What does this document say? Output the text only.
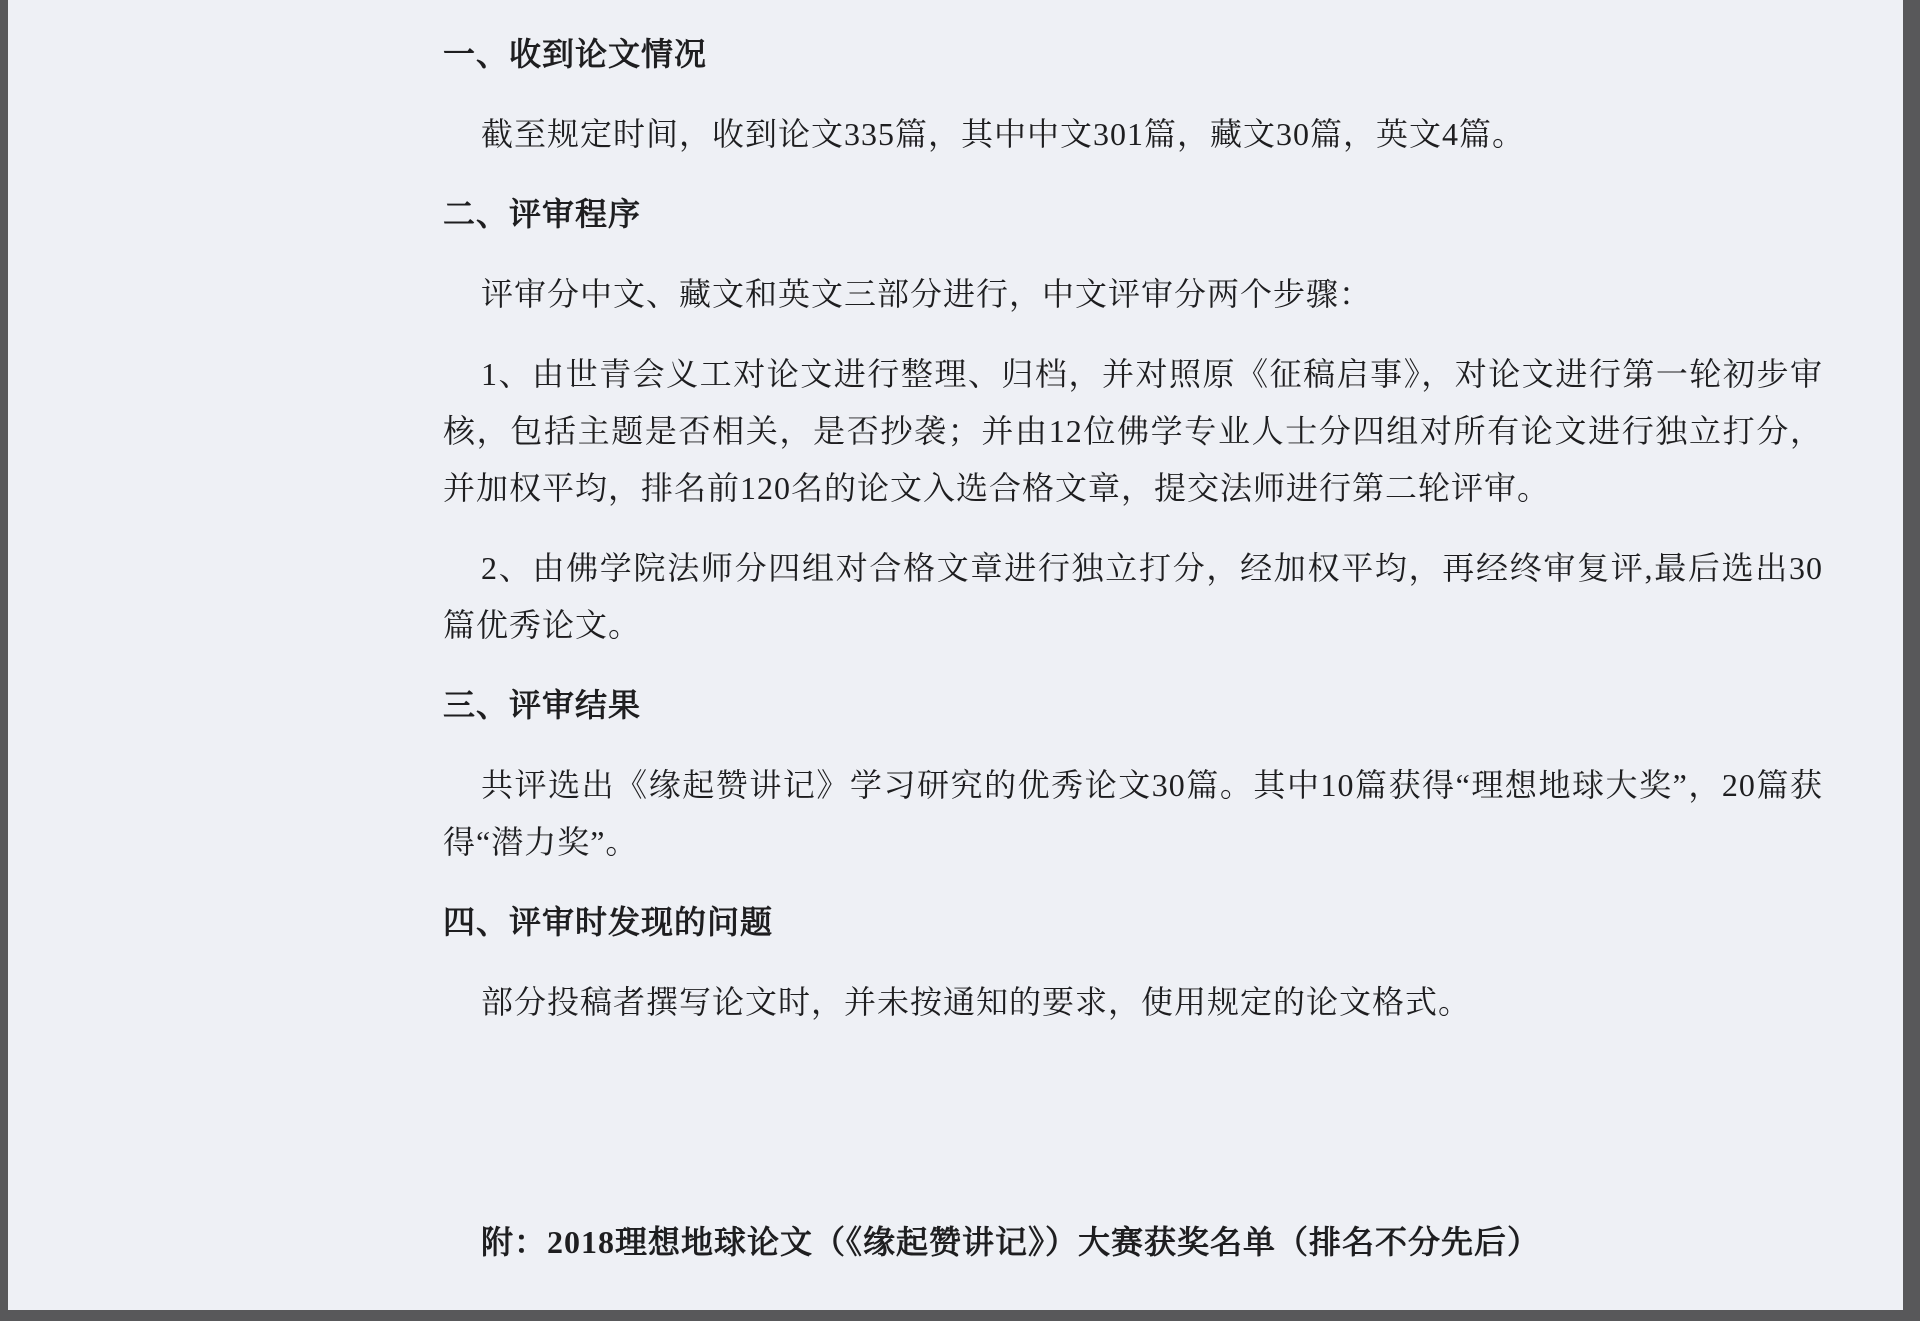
一、收到论文情况
截至规定时间，收到论文335篇，其中中文301篇，藏文30篇，英文4篇。
二、评审程序
评审分中文、藏文和英文三部分进行，中文评审分两个步骤：
1、由世青会义工对论文进行整理、归档，并对照原《征稿启事》，对论文进行第一轮初步审核，包括主题是否相关，是否抄袭；并由12位佛学专业人士分四组对所有论文进行独立打分，并加权平均，排名前120名的论文入选合格文章，提交法师进行第二轮评审。
2、由佛学院法师分四组对合格文章进行独立打分，经加权平均，再经终审复评,最后选出30篇优秀论文。
三、评审结果
共评选出《缘起赞讲记》学习研究的优秀论文30篇。其中10篇获得“理想地球大奖”，20篇获得“潜力奖”。
四、评审时发现的问题
部分投稿者撰写论文时，并未按通知的要求，使用规定的论文格式。
附：2018理想地球论文（《缘起赞讲记》）大赛获奖名单（排名不分先后）
